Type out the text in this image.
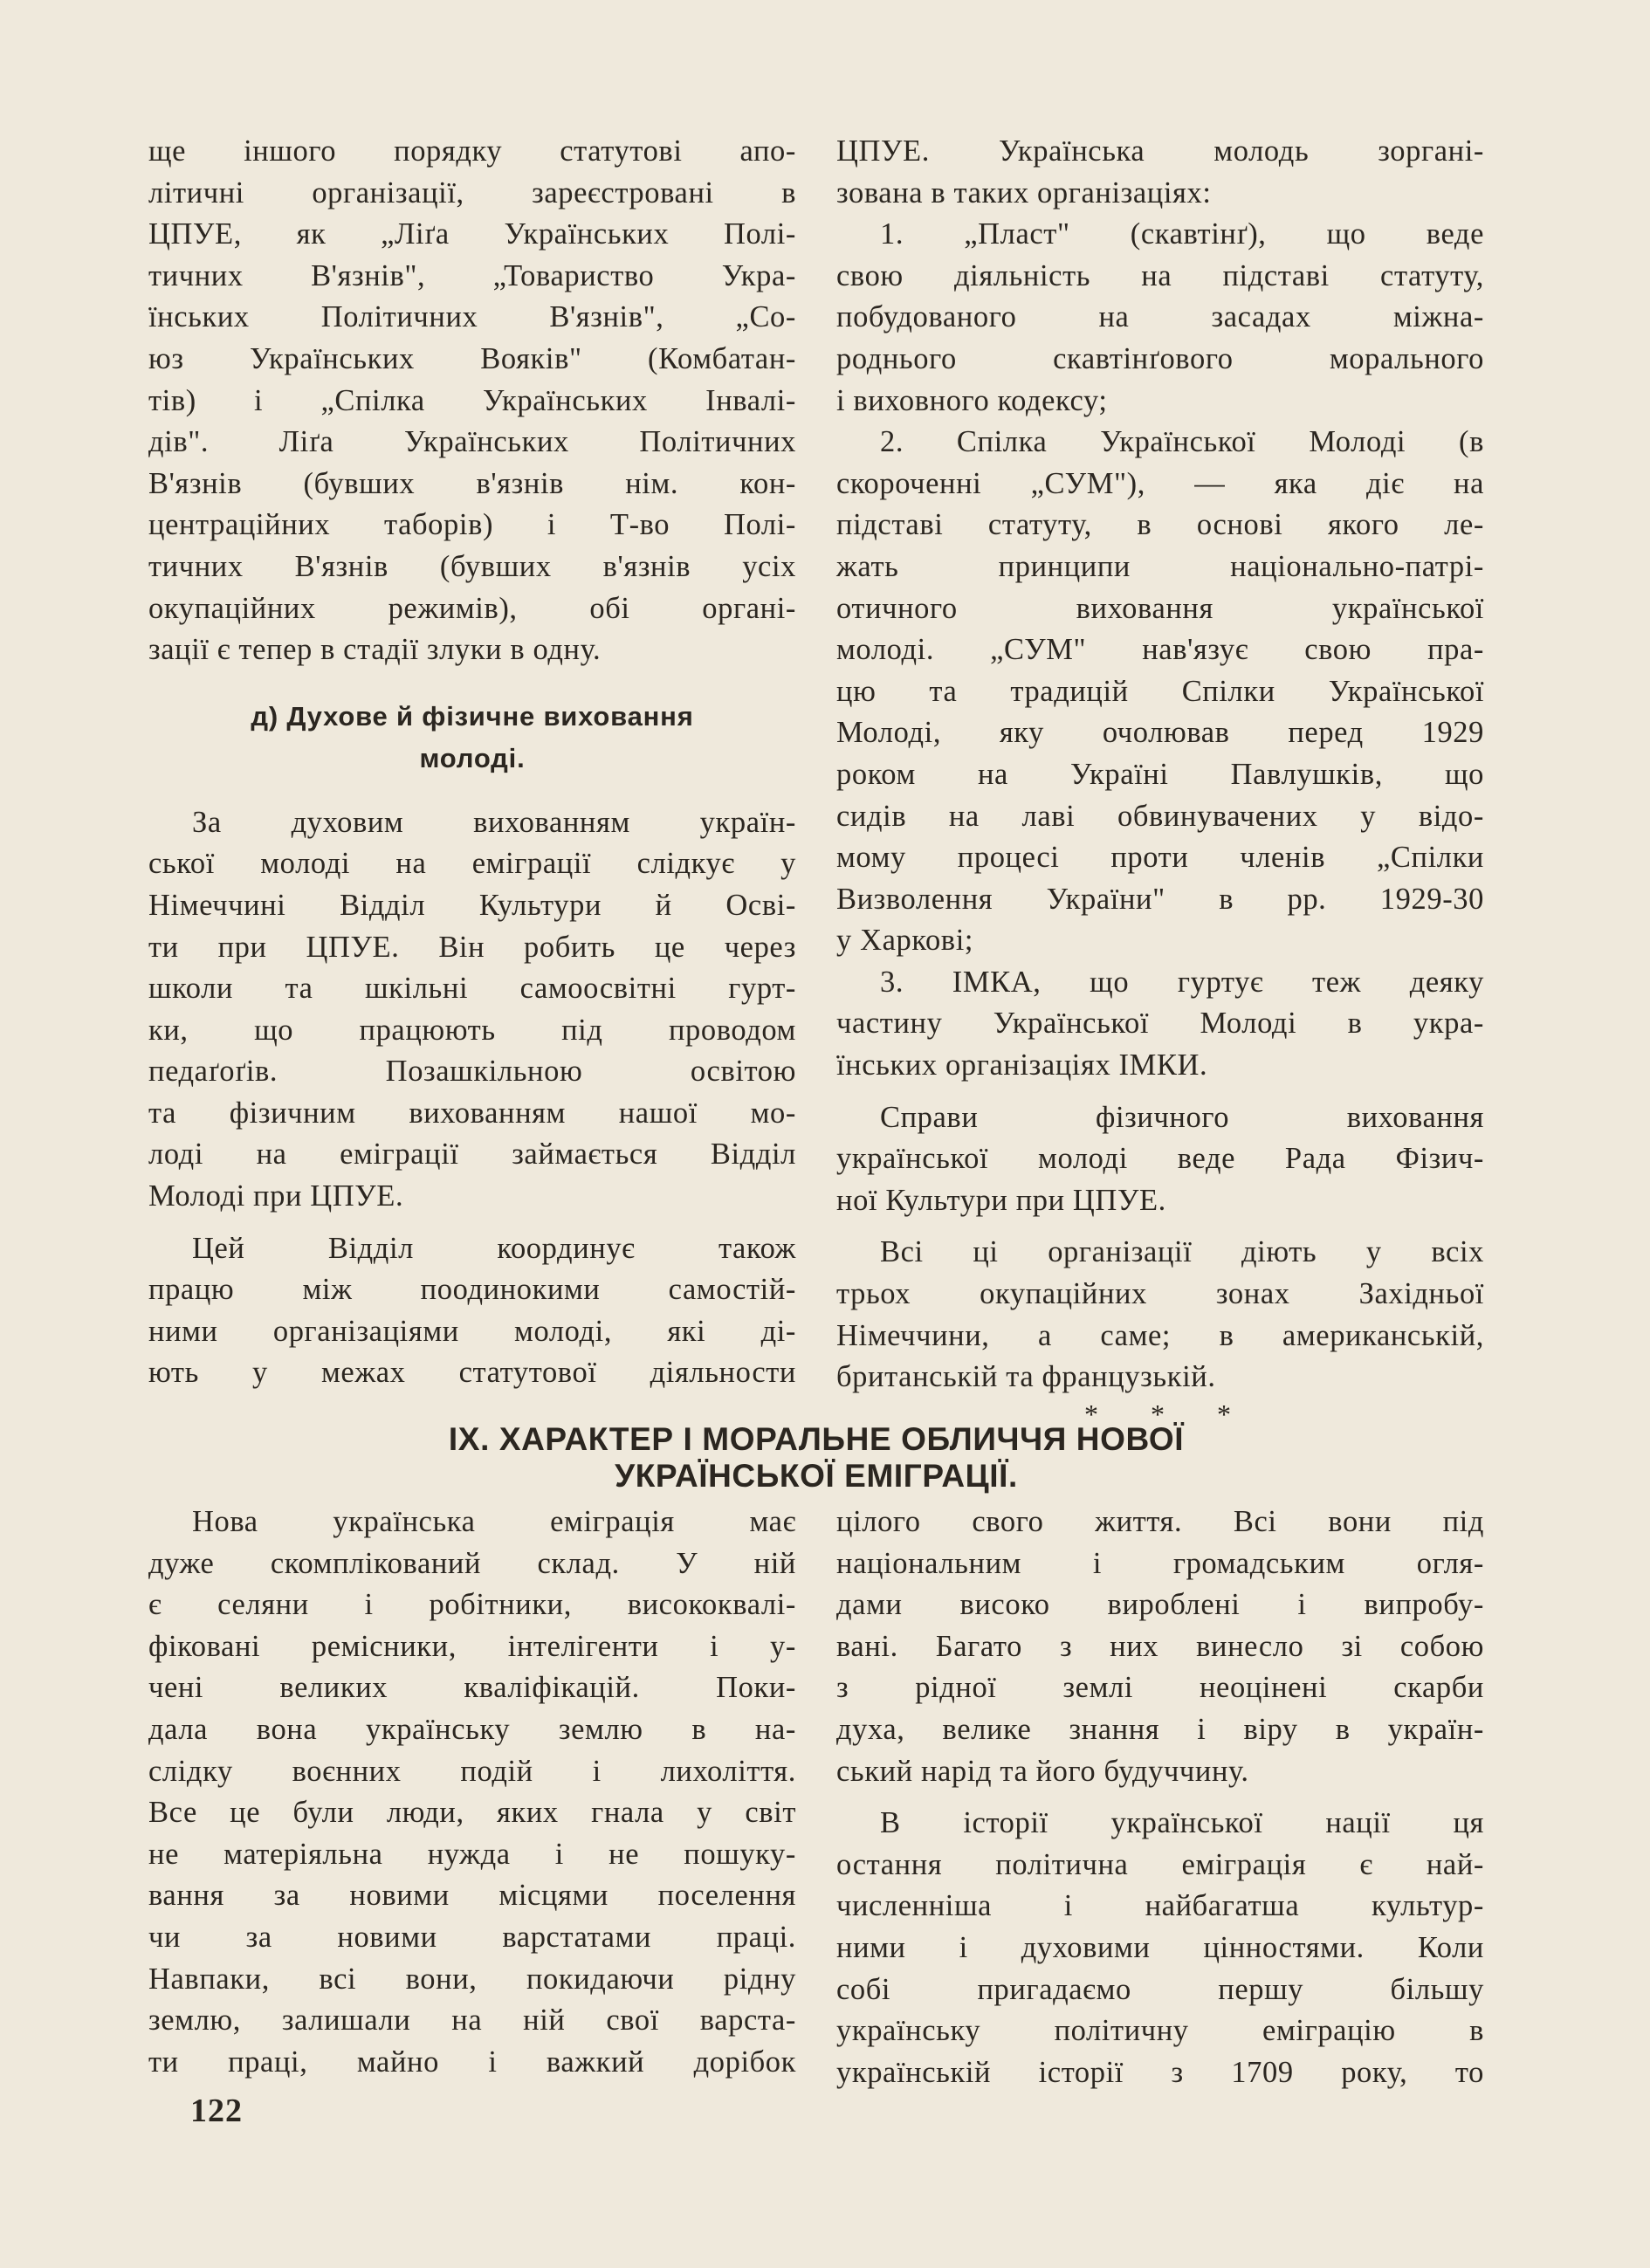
ще іншого порядку статутові апо-
літичні організації, зареєстровані в
ЦПУЕ, як „Ліґа Українських Полі-
тичних В'язнів", „Товариство Укра-
їнських Політичних В'язнів", „Со-
юз Українських Вояків" (Комбатан-
тів) і „Спілка Українських Інвалі-
дів". Ліґа Українських Політичних
В'язнів (бувших в'язнів нім. кон-
центраційних таборів) і Т-во Полі-
тичних В'язнів (бувших в'язнів усіх
окупаційних режимів), обі органі-
зації є тепер в стадії злуки в одну.
д) Духове й фізичне виховання
молоді.
За духовим вихованням україн-
ської молоді на еміграції слідкує у
Німеччині Відділ Культури й Осві-
ти при ЦПУЕ. Він робить це через
школи та шкільні самоосвітні гурт-
ки, що працюють під проводом
педаґоґів. Позашкільною освітою
та фізичним вихованням нашої мо-
лоді на еміграції займається Відділ
Молоді при ЦПУЕ.
Цей Відділ координує також
працю між поодинокими самостій-
ними організаціями молоді, які ді-
ють у межах статутової діяльности
ЦПУЕ. Українська молодь зоргані-
зована в таких організаціях:
1. „Пласт" (скавтінґ), що веде
свою діяльність на підставі статуту,
побудованого на засадах міжна-
роднього скавтінґового морального
і виховного кодексу;
2. Спілка Української Молоді (в
скороченні „СУМ"), — яка діє на
підставі статуту, в основі якого ле-
жать принципи національно-патрі-
отичного виховання української
молоді. „СУМ" нав'язує свою пра-
цю та традицій Спілки Української
Молоді, яку очолював перед 1929
роком на Україні Павлушків, що
сидів на лаві обвинувачених у відо-
мому процесі проти членів „Спілки
Визволення України" в рр. 1929-30
у Харкові;
3. ІМКА, що гуртує теж деяку
частину Української Молоді в укра-
їнських організаціях ІМКИ.
Справи фізичного виховання
української молоді веде Рада Фізич-
ної Культури при ЦПУЕ.
Всі ці організації діють у всіх
трьох окупаційних зонах Західньої
Німеччини, а саме; в американській,
британській та французькій.
* * *
IX. ХАРАКТЕР І МОРАЛЬНЕ ОБЛИЧЧЯ НОВОЇ
УКРАЇНСЬКОЇ ЕМІГРАЦІЇ.
Нова українська еміграція має
дуже скомплікований склад. У ній
є селяни і робітники, висококвалі-
фіковані ремісники, інтелігенти і у-
чені великих кваліфікацій. Поки-
дала вона українську землю в на-
слідку воєнних подій і лихоліття.
Все це були люди, яких гнала у світ
не матеріяльна нужда і не пошуку-
вання за новими місцями поселення
чи за новими варстатами праці.
Навпаки, всі вони, покидаючи рідну
землю, залишали на ній свої варста-
ти праці, майно і важкий дорібок
цілого свого життя. Всі вони під
національним і громадським огля-
дами високо вироблені і випробу-
вані. Багато з них винесло зі собою
з рідної землі неоцінені скарби
духа, велике знання і віру в україн-
ський нарід та його будуччину.
В історії української нації ця
остання політична еміграція є най-
численніша і найбагатша культур-
ними і духовими цінностями. Коли
собі пригадаємо першу більшу
українську політичну еміграцію в
українській історії з 1709 року, то
122
